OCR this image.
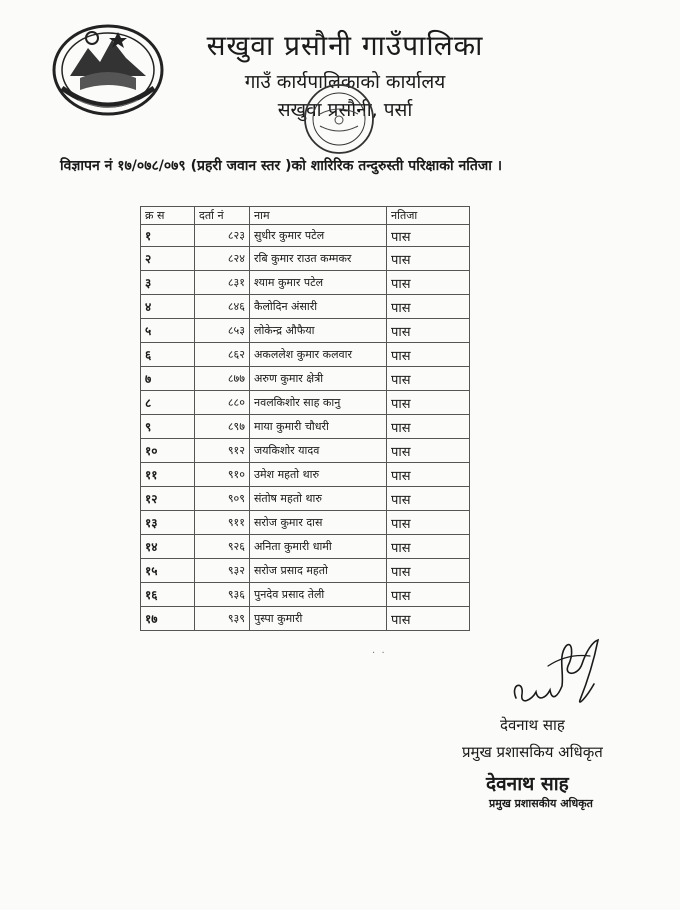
सखुवा प्रसौनी गाउँपालिका
गाउँ कार्यपालिकाको कार्यालय
सखुवा प्रसौनी, पर्सा
विज्ञापन नं १७/०७८/०७९ (प्रहरी जवान स्तर )को शारिरिक तन्दुरुस्ती परिक्षाको नतिजा ।
क्र स	दर्ता नं	नाम	नतिजा
१	८२३	सुधीर कुमार पटेल	पास
२	८२४	रबि कुमार राउत कम्मकर	पास
३	८३१	श्याम कुमार पटेल	पास
४	८४६	कैलोदिन अंसारी	पास
५	८५३	लोकेन्द्र औफैया	पास
६	८६२	अकललेश कुमार कलवार	पास
७	८७७	अरुण कुमार क्षेत्री	पास
८	८८०	नवलकिशोर साह कानु	पास
९	८९७	माया कुमारी चौधरी	पास
१०	९१२	जयकिशोर यादव	पास
११	९१०	उमेश महतो थारु	पास
१२	९०९	संतोष महतो थारु	पास
१३	९११	सरोज कुमार दास	पास
१४	९२६	अनिता कुमारी धामी	पास
१५	९३२	सरोज प्रसाद महतो	पास
१६	९३६	पुनदेव प्रसाद तेली	पास
१७	९३९	पुस्पा कुमारी	पास
·  ·
देवनाथ साह
प्रमुख प्रशासकिय अधिकृत
देवनाथ साह
प्रमुख प्रशासकीय अधिकृत
